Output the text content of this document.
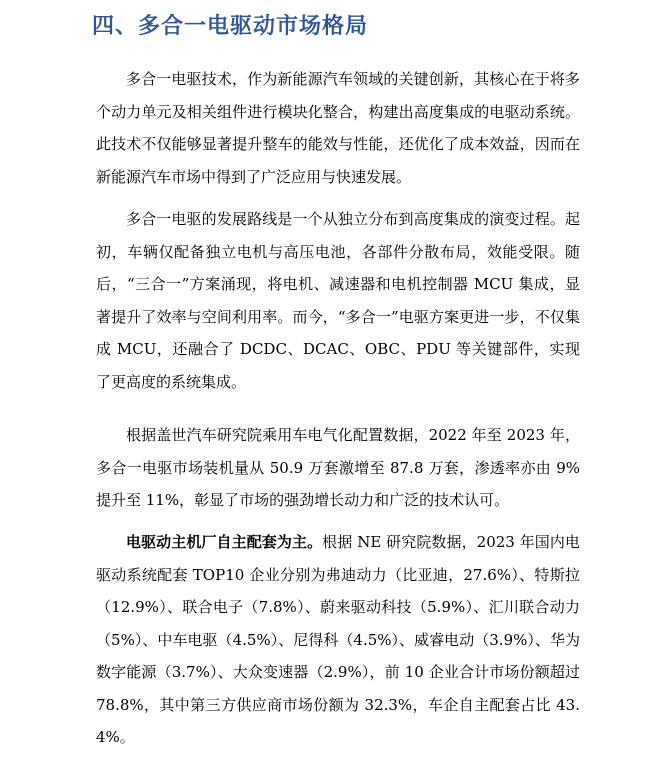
四、多合一电驱动市场格局

多合一电驱技术，作为新能源汽车领域的关键创新，其核心在于将多个动力单元及相关组件进行模块化整合，构建出高度集成的电驱动系统。此技术不仅能够显著提升整车的能效与性能，还优化了成本效益，因而在新能源汽车市场中得到了广泛应用与快速发展。

多合一电驱的发展路线是一个从独立分布到高度集成的演变过程。起初，车辆仅配备独立电机与高压电池，各部件分散布局，效能受限。随后，“三合一”方案涌现，将电机、减速器和电机控制器 MCU 集成，显著提升了效率与空间利用率。而今，“多合一”电驱方案更进一步，不仅集成 MCU，还融合了 DCDC、DCAC、OBC、PDU 等关键部件，实现了更高度的系统集成。

根据盖世汽车研究院乘用车电气化配置数据，2022 年至 2023 年，多合一电驱市场装机量从 50.9 万套激增至 87.8 万套，渗透率亦由 9%提升至 11%，彰显了市场的强劲增长动力和广泛的技术认可。

电驱动主机厂自主配套为主。根据 NE 研究院数据，2023 年国内电驱动系统配套 TOP10 企业分别为弗迪动力（比亚迪，27.6%）、特斯拉（12.9%）、联合电子（7.8%）、蔚来驱动科技（5.9%）、汇川联合动力（5%）、中车电驱（4.5%）、尼得科（4.5%）、威睿电动（3.9%）、华为数字能源（3.7%）、大众变速器（2.9%），前 10 企业合计市场份额超过 78.8%，其中第三方供应商市场份额为 32.3%，车企自主配套占比 43.4%。
